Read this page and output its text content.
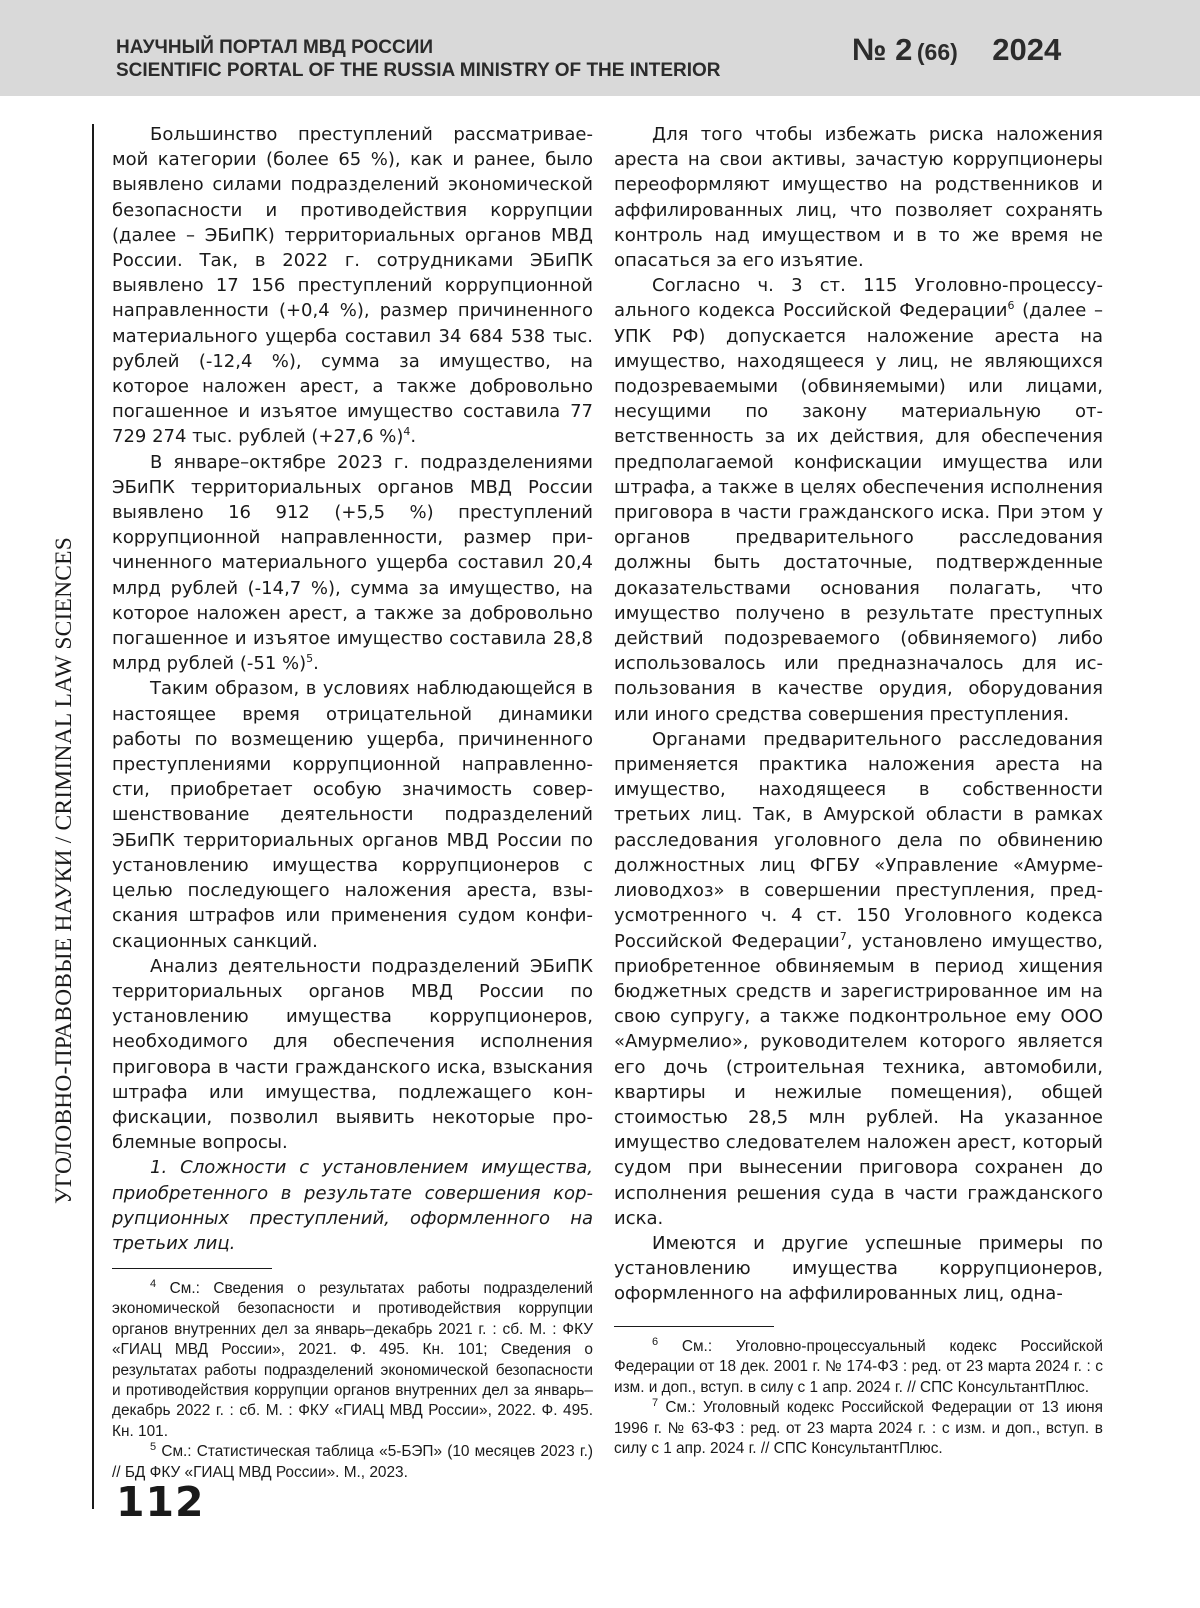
НАУЧНЫЙ ПОРТАЛ МВД РОССИИ
SCIENTIFIC PORTAL OF THE RUSSIA MINISTRY OF THE INTERIOR
№ 2 (66) 2024
УГОЛОВНО-ПРАВОВЫЕ НАУКИ / CRIMINAL LAW SCIENCES

Большинство преступлений рассматриваемой категории (более 65 %), как и ранее, было выявлено силами подразделений экономической безопасности и противодействия коррупции (далее – ЭБиПК) территориальных органов МВД России. Так, в 2022 г. сотрудниками ЭБиПК выявлено 17 156 преступлений коррупционной направленности (+0,4 %), размер причиненного материального ущерба составил 34 684 538 тыс. рублей (-12,4 %), сумма за имущество, на которое наложен арест, а также добровольно погашенное и изъятое имущество составила 77 729 274 тыс. рублей (+27,6 %)$^4$.

В январе–октябре 2023 г. подразделениями ЭБиПК территориальных органов МВД России выявлено 16 912 (+5,5 %) преступлений коррупционной направленности, размер причиненного материального ущерба составил 20,4 млрд рублей (-14,7 %), сумма за имущество, на которое наложен арест, а также за добровольно погашенное и изъятое имущество составила 28,8 млрд рублей (-51 %)$^5$.

Таким образом, в условиях наблюдающейся в настоящее время отрицательной динамики работы по возмещению ущерба, причиненного преступлениями коррупционной направленности, приобретает особую значимость совершенствование деятельности подразделений ЭБиПК территориальных органов МВД России по установлению имущества коррупционеров с целью последующего наложения ареста, взыскания штрафов или применения судом конфискационных санкций.

Анализ деятельности подразделений ЭБиПК территориальных органов МВД России по установлению имущества коррупционеров, необходимого для обеспечения исполнения приговора в части гражданского иска, взыскания штрафа или имущества, подлежащего конфискации, позволил выявить некоторые проблемные вопросы.

1. Сложности с установлением имущества, приобретенного в результате совершения коррупционных преступлений, оформленного на третьих лиц.

Для того чтобы избежать риска наложения ареста на свои активы, зачастую коррупционеры переоформляют имущество на родственников и аффилированных лиц, что позволяет сохранять контроль над имуществом и в то же время не опасаться за его изъятие.

Согласно ч. 3 ст. 115 Уголовно-процессуального кодекса Российской Федерации$^6$ (далее – УПК РФ) допускается наложение ареста на имущество, находящееся у лиц, не являющихся подозреваемыми (обвиняемыми) или лицами, несущими по закону материальную ответственность за их действия, для обеспечения предполагаемой конфискации имущества или штрафа, а также в целях обеспечения исполнения приговора в части гражданского иска. При этом у органов предварительного расследования должны быть достаточные, подтвержденные доказательствами основания полагать, что имущество получено в результате преступных действий подозреваемого (обвиняемого) либо использовалось или предназначалось для использования в качестве орудия, оборудования или иного средства совершения преступления.

Органами предварительного расследования применяется практика наложения ареста на имущество, находящееся в собственности третьих лиц. Так, в Амурской области в рамках расследования уголовного дела по обвинению должностных лиц ФГБУ «Управление «Амурмелиоводхоз» в совершении преступления, предусмотренного ч. 4 ст. 150 Уголовного кодекса Российской Федерации$^7$, установлено имущество, приобретенное обвиняемым в период хищения бюджетных средств и зарегистрированное им на свою супругу, а также подконтрольное ему ООО «Амурмелио», руководителем которого является его дочь (строительная техника, автомобили, квартиры и нежилые помещения), общей стоимостью 28,5 млн рублей. На указанное имущество следователем наложен арест, который судом при вынесении приговора сохранен до исполнения решения суда в части гражданского иска.

Имеются и другие успешные примеры по установлению имущества коррупционеров, оформленного на аффилированных лиц, одна-

$^4$ См.: Сведения о результатах работы подразделений экономической безопасности и противодействия коррупции органов внутренних дел за январь–декабрь 2021 г. : сб. М. : ФКУ «ГИАЦ МВД России», 2021. Ф. 495. Кн. 101; Сведения о результатах работы подразделений экономической безопасности и противодействия коррупции органов внутренних дел за январь–декабрь 2022 г. : сб. М. : ФКУ «ГИАЦ МВД России», 2022. Ф. 495. Кн. 101.

$^5$ См.: Статистическая таблица «5-БЭП» (10 месяцев 2023 г.) // БД ФКУ «ГИАЦ МВД России». М., 2023.

$^6$ См.: Уголовно-процессуальный кодекс Российской Федерации от 18 дек. 2001 г. № 174-ФЗ : ред. от 23 марта 2024 г. : с изм. и доп., вступ. в силу с 1 апр. 2024 г. // СПС КонсультантПлюс.

$^7$ См.: Уголовный кодекс Российской Федерации от 13 июня 1996 г. № 63-ФЗ : ред. от 23 марта 2024 г. : с изм. и доп., вступ. в силу с 1 апр. 2024 г. // СПС КонсультантПлюс.

112
